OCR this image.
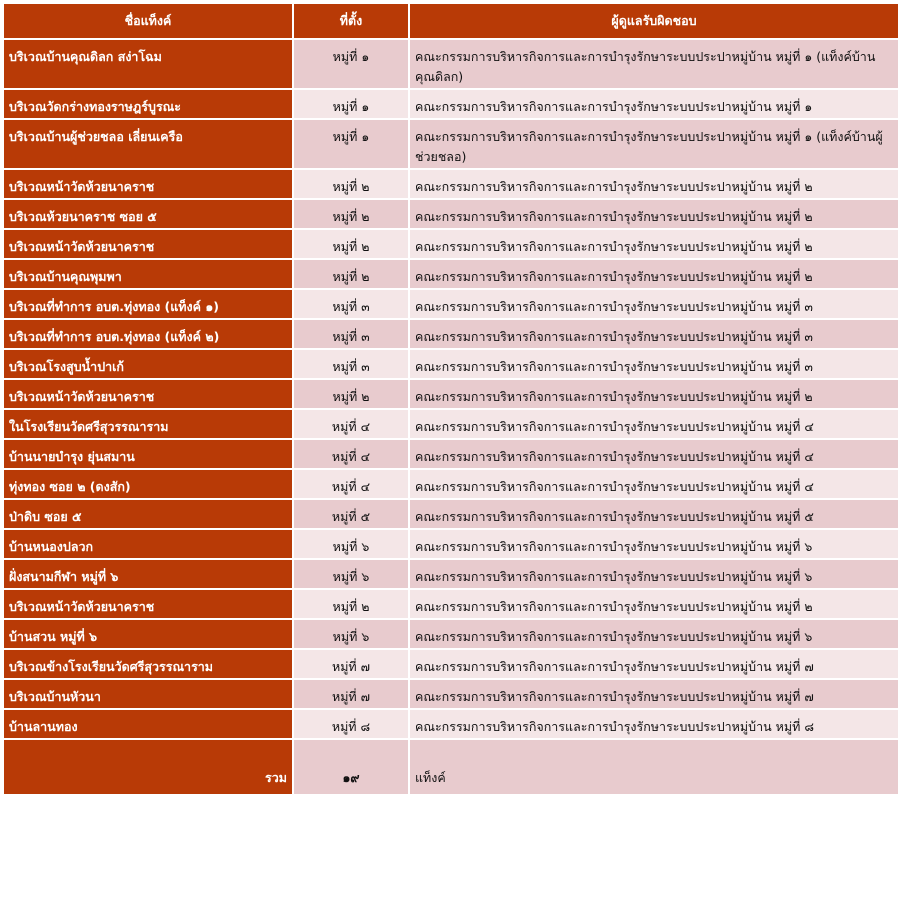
ชื่อแท็งค์	ที่ตั้ง	ผู้ดูแลรับผิดชอบ
บริเวณบ้านคุณดิลก สง่าโฉม	หมู่ที่ ๑	คณะกรรมการบริหารกิจการและการบำรุงรักษาระบบประปาหมู่บ้าน หมู่ที่ ๑ (แท็งค์บ้านคุณดิลก)
บริเวณวัดกร่างทองราษฎร์บูรณะ	หมู่ที่ ๑	คณะกรรมการบริหารกิจการและการบำรุงรักษาระบบประปาหมู่บ้าน หมู่ที่ ๑
บริเวณบ้านผู้ช่วยชลอ เลี่ยนเครือ	หมู่ที่ ๑	คณะกรรมการบริหารกิจการและการบำรุงรักษาระบบประปาหมู่บ้าน หมู่ที่ ๑ (แท็งค์บ้านผู้ช่วยชลอ)
บริเวณหน้าวัดห้วยนาคราช	หมู่ที่ ๒	คณะกรรมการบริหารกิจการและการบำรุงรักษาระบบประปาหมู่บ้าน หมู่ที่ ๒
บริเวณห้วยนาคราช ซอย ๕	หมู่ที่ ๒	คณะกรรมการบริหารกิจการและการบำรุงรักษาระบบประปาหมู่บ้าน หมู่ที่ ๒
บริเวณหน้าวัดห้วยนาคราช	หมู่ที่ ๒	คณะกรรมการบริหารกิจการและการบำรุงรักษาระบบประปาหมู่บ้าน หมู่ที่ ๒
บริเวณบ้านคุณพุมพา	หมู่ที่ ๒	คณะกรรมการบริหารกิจการและการบำรุงรักษาระบบประปาหมู่บ้าน หมู่ที่ ๒
บริเวณที่ทำการ อบต.ทุ่งทอง (แท็งค์ ๑)	หมู่ที่ ๓	คณะกรรมการบริหารกิจการและการบำรุงรักษาระบบประปาหมู่บ้าน หมู่ที่ ๓
บริเวณที่ทำการ อบต.ทุ่งทอง (แท็งค์ ๒)	หมู่ที่ ๓	คณะกรรมการบริหารกิจการและการบำรุงรักษาระบบประปาหมู่บ้าน หมู่ที่ ๓
บริเวณโรงสูบน้ำปาเก้	หมู่ที่ ๓	คณะกรรมการบริหารกิจการและการบำรุงรักษาระบบประปาหมู่บ้าน หมู่ที่ ๓
บริเวณหน้าวัดห้วยนาคราช	หมู่ที่ ๒	คณะกรรมการบริหารกิจการและการบำรุงรักษาระบบประปาหมู่บ้าน หมู่ที่ ๒
ในโรงเรียนวัดศรีสุวรรณาราม	หมู่ที่ ๔	คณะกรรมการบริหารกิจการและการบำรุงรักษาระบบประปาหมู่บ้าน หมู่ที่ ๔
บ้านนายบำรุง ยุ่นสมาน	หมู่ที่ ๔	คณะกรรมการบริหารกิจการและการบำรุงรักษาระบบประปาหมู่บ้าน หมู่ที่ ๔
ทุ่งทอง ซอย ๒ (ดงสัก)	หมู่ที่ ๔	คณะกรรมการบริหารกิจการและการบำรุงรักษาระบบประปาหมู่บ้าน หมู่ที่ ๔
ป่าดิบ ซอย ๕	หมู่ที่ ๕	คณะกรรมการบริหารกิจการและการบำรุงรักษาระบบประปาหมู่บ้าน หมู่ที่ ๕
บ้านหนองปลวก	หมู่ที่ ๖	คณะกรรมการบริหารกิจการและการบำรุงรักษาระบบประปาหมู่บ้าน หมู่ที่ ๖
ฝั่งสนามกีฬา หมู่ที่ ๖	หมู่ที่ ๖	คณะกรรมการบริหารกิจการและการบำรุงรักษาระบบประปาหมู่บ้าน หมู่ที่ ๖
บริเวณหน้าวัดห้วยนาคราช	หมู่ที่ ๒	คณะกรรมการบริหารกิจการและการบำรุงรักษาระบบประปาหมู่บ้าน หมู่ที่ ๒
บ้านสวน หมู่ที่ ๖	หมู่ที่ ๖	คณะกรรมการบริหารกิจการและการบำรุงรักษาระบบประปาหมู่บ้าน หมู่ที่ ๖
บริเวณข้างโรงเรียนวัดศรีสุวรรณาราม	หมู่ที่ ๗	คณะกรรมการบริหารกิจการและการบำรุงรักษาระบบประปาหมู่บ้าน หมู่ที่ ๗
บริเวณบ้านหัวนา	หมู่ที่ ๗	คณะกรรมการบริหารกิจการและการบำรุงรักษาระบบประปาหมู่บ้าน หมู่ที่ ๗
บ้านลานทอง	หมู่ที่ ๘	คณะกรรมการบริหารกิจการและการบำรุงรักษาระบบประปาหมู่บ้าน หมู่ที่ ๘
รวม	๑๙	แท็งค์
